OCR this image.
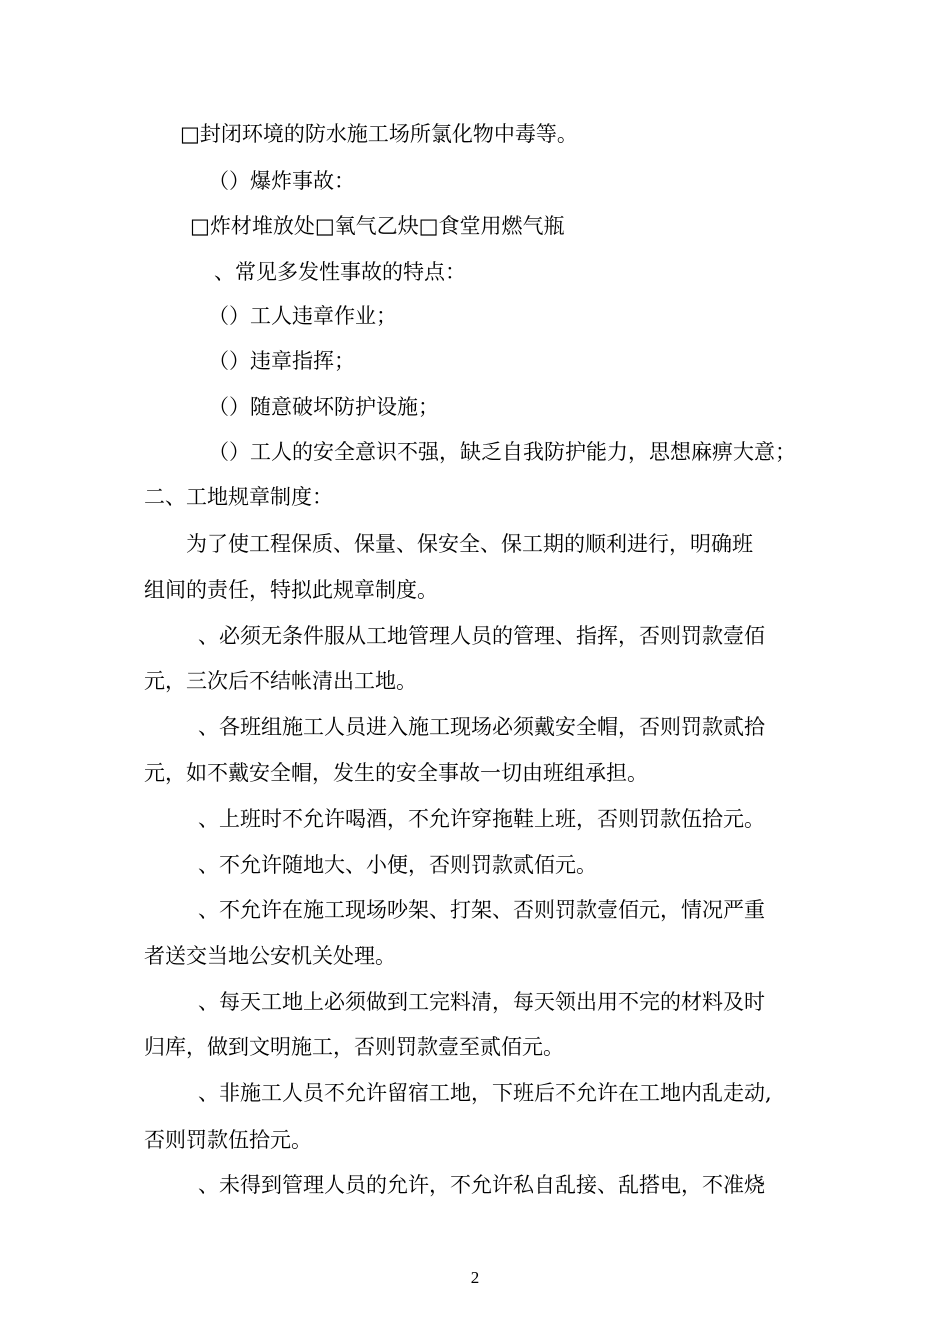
□封闭环境的防水施工场所氯化物中毒等。
（）爆炸事故：
□炸材堆放处□氧气乙炔□食堂用燃气瓶
、常见多发性事故的特点：
（）工人违章作业；
（）违章指挥；
（）随意破坏防护设施；
（）工人的安全意识不强，缺乏自我防护能力，思想麻痹大意；
二、工地规章制度：
为了使工程保质、保量、保安全、保工期的顺利进行，明确班
组间的责任，特拟此规章制度。
、必须无条件服从工地管理人员的管理、指挥，否则罚款壹佰
元，三次后不结帐清出工地。
、各班组施工人员进入施工现场必须戴安全帽，否则罚款贰拾
元，如不戴安全帽，发生的安全事故一切由班组承担。
、上班时不允许喝酒，不允许穿拖鞋上班，否则罚款伍拾元。
、不允许随地大、小便，否则罚款贰佰元。
、不允许在施工现场吵架、打架、否则罚款壹佰元，情况严重
者送交当地公安机关处理。
、每天工地上必须做到工完料清，每天领出用不完的材料及时
归库，做到文明施工，否则罚款壹至贰佰元。
、非施工人员不允许留宿工地，下班后不允许在工地内乱走动,
否则罚款伍拾元。
、未得到管理人员的允许，不允许私自乱接、乱搭电，不准烧
2
